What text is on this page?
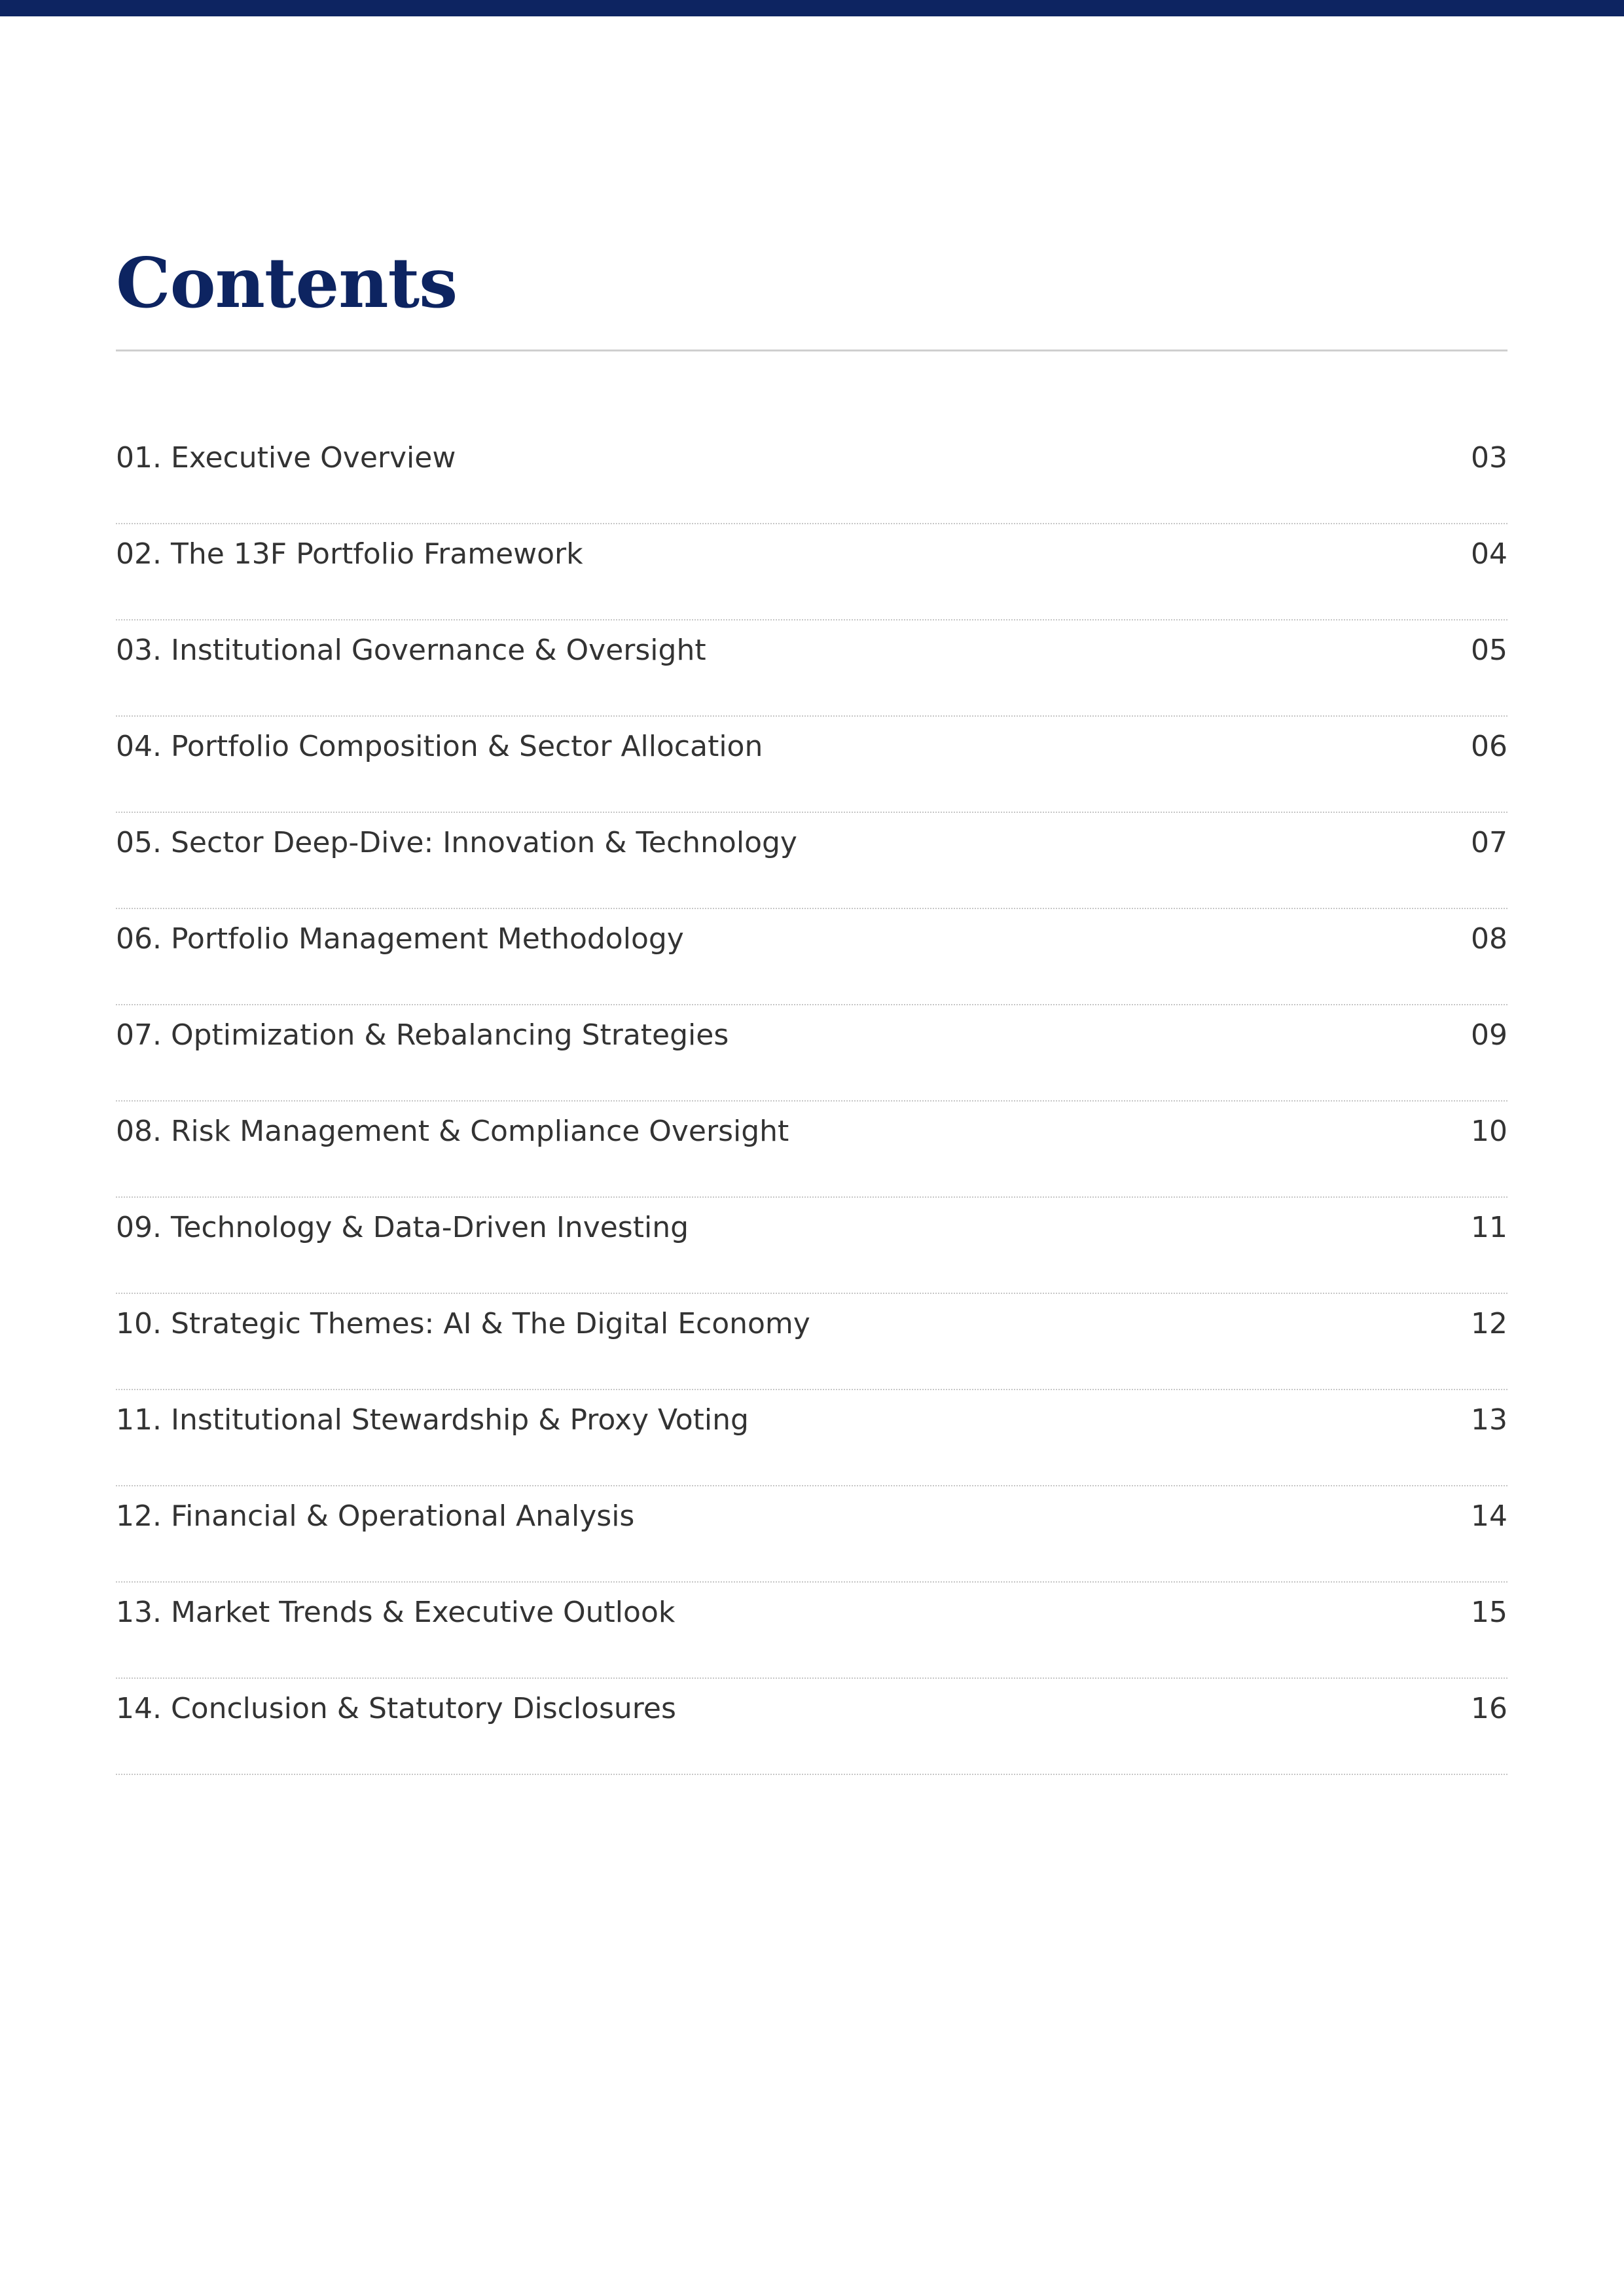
Contents
01. Executive Overview	03
02. The 13F Portfolio Framework	04
03. Institutional Governance & Oversight	05
04. Portfolio Composition & Sector Allocation	06
05. Sector Deep-Dive: Innovation & Technology	07
06. Portfolio Management Methodology	08
07. Optimization & Rebalancing Strategies	09
08. Risk Management & Compliance Oversight	10
09. Technology & Data-Driven Investing	11
10. Strategic Themes: AI & The Digital Economy	12
11. Institutional Stewardship & Proxy Voting	13
12. Financial & Operational Analysis	14
13. Market Trends & Executive Outlook	15
14. Conclusion & Statutory Disclosures	16
